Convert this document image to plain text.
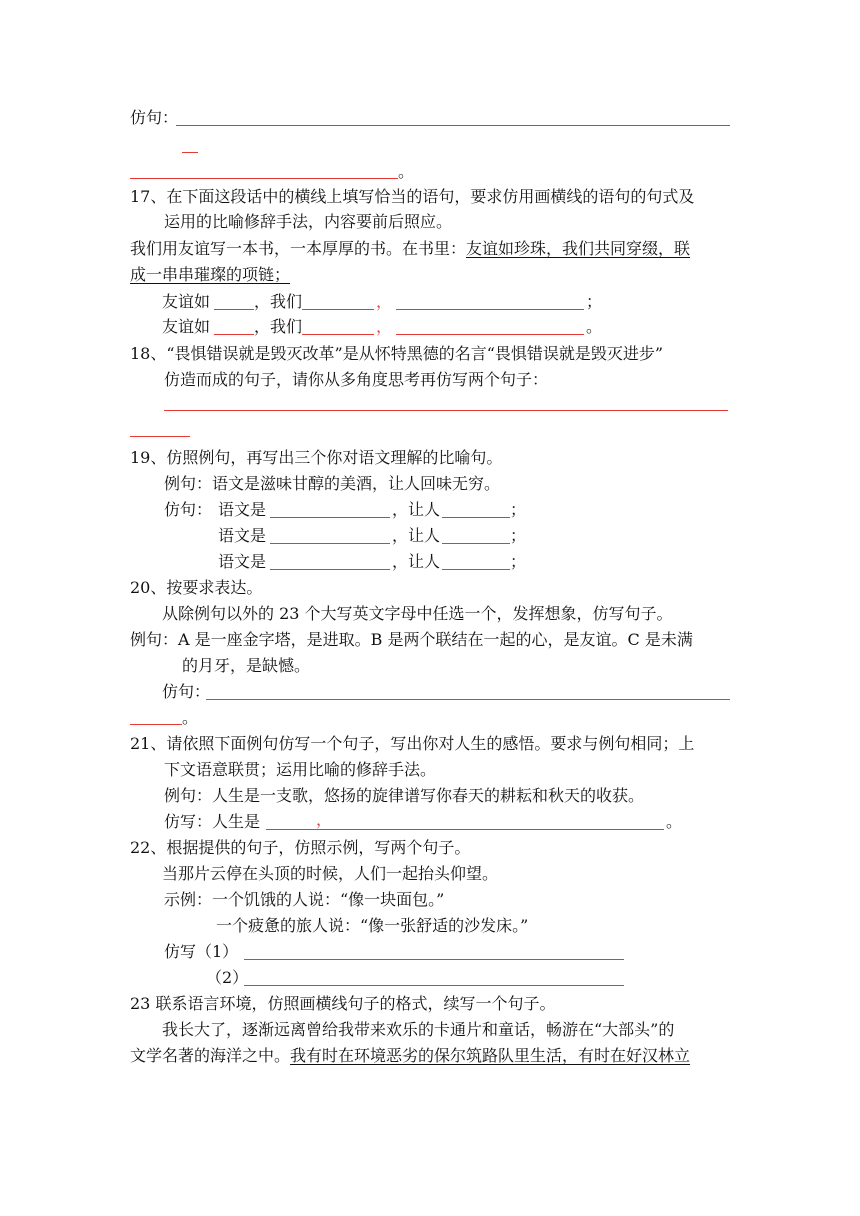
仿句：
。
17、在下面这段话中的横线上填写恰当的语句，要求仿用画横线的语句的句式及
运用的比喻修辞手法，内容要前后照应。
我们用友谊写一本书，一本厚厚的书。在书里：友谊如珍珠，我们共同穿缀，联
成一串串璀璨的项链；
友谊如	，我们	，	；
友谊如	，我们	，	。
18、“畏惧错误就是毁灭改革”是从怀特黑德的名言“畏惧错误就是毁灭进步”
仿造而成的句子，请你从多角度思考再仿写两个句子：
19、仿照例句，再写出三个你对语文理解的比喻句。
例句：语文是滋味甘醇的美酒，让人回味无穷。
仿句： 语文是	，让人	；
语文是	，让人	；
语文是	，让人	；
20、按要求表达。
从除例句以外的 23 个大写英文字母中任选一个，发挥想象，仿写句子。
例句：A 是一座金字塔，是进取。B 是两个联结在一起的心，是友谊。C 是未满
的月牙，是缺憾。
仿句：
。
21、请依照下面例句仿写一个句子，写出你对人生的感悟。要求与例句相同；上
下文语意联贯；运用比喻的修辞手法。
例句：人生是一支歌，悠扬的旋律谱写你春天的耕耘和秋天的收获。
仿写：人生是	，	。
22、根据提供的句子，仿照示例，写两个句子。
当那片云停在头顶的时候，人们一起抬头仰望。
示例：一个饥饿的人说：“像一块面包。”
一个疲惫的旅人说：“像一张舒适的沙发床。”
仿写（1）
（2）
23 联系语言环境，仿照画横线句子的格式，续写一个句子。
我长大了，逐渐远离曾给我带来欢乐的卡通片和童话，畅游在“大部头”的
文学名著的海洋之中。我有时在环境恶劣的保尔筑路队里生活，有时在好汉林立
